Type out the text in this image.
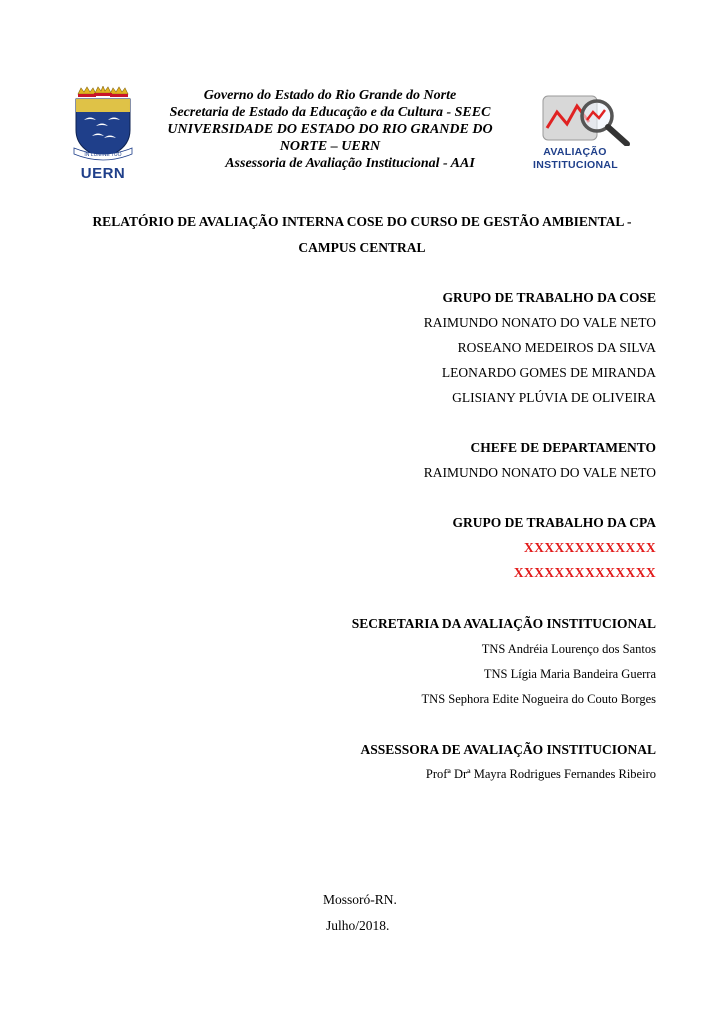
IN LUMINE TUO
UERN
Governo do Estado do Rio Grande do Norte
Secretaria de Estado da Educação e da Cultura - SEEC
UNIVERSIDADE DO ESTADO DO RIO GRANDE DO
NORTE – UERN
Assessoria de Avaliação Institucional - AAI
AVALIAÇÃO
INSTITUCIONAL
RELATÓRIO DE AVALIAÇÃO INTERNA COSE DO CURSO DE GESTÃO AMBIENTAL -
CAMPUS CENTRAL
GRUPO DE TRABALHO DA COSE
RAIMUNDO NONATO DO VALE NETO
ROSEANO MEDEIROS DA SILVA
LEONARDO GOMES DE MIRANDA
GLISIANY PLÚVIA DE OLIVEIRA
CHEFE DE DEPARTAMENTO
RAIMUNDO NONATO DO VALE NETO
GRUPO DE TRABALHO DA CPA
XXXXXXXXXXXXX
XXXXXXXXXXXXXX
SECRETARIA DA AVALIAÇÃO INSTITUCIONAL
TNS Andréia Lourenço dos Santos
TNS Lígia Maria Bandeira Guerra
TNS Sephora Edite Nogueira do Couto Borges
ASSESSORA DE AVALIAÇÃO INSTITUCIONAL
Profª Drª Mayra Rodrigues Fernandes Ribeiro
Mossoró-RN.
Julho/2018.
